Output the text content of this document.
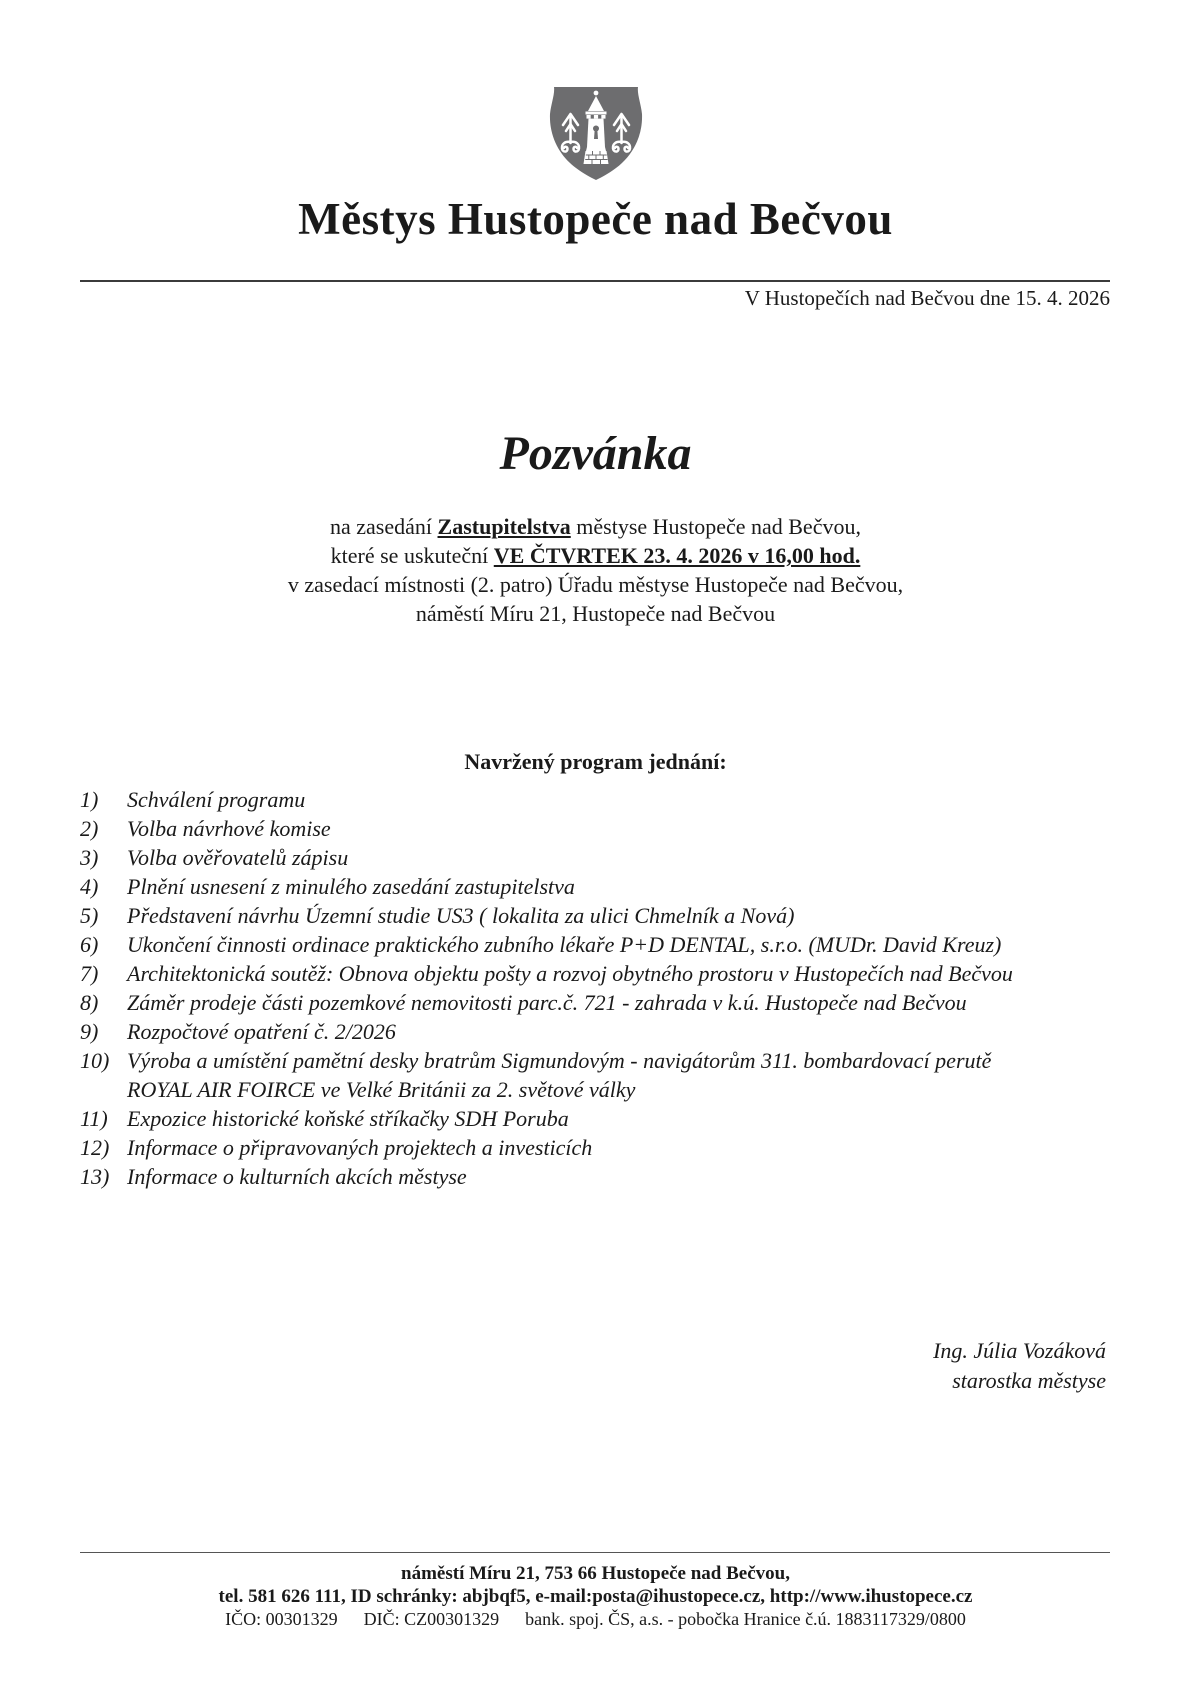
Městys Hustopeče nad Bečvou
V Hustopečích nad Bečvou dne 15. 4. 2026
Pozvánka
na zasedání Zastupitelstva městyse Hustopeče nad Bečvou,
které se uskuteční VE ČTVRTEK 23. 4. 2026 v 16,00 hod.
v zasedací místnosti (2. patro) Úřadu městyse Hustopeče nad Bečvou,
náměstí Míru 21, Hustopeče nad Bečvou
Navržený program jednání:
1) Schválení programu
2) Volba návrhové komise
3) Volba ověřovatelů zápisu
4) Plnění usnesení z minulého zasedání zastupitelstva
5) Představení návrhu Územní studie US3 ( lokalita za ulici Chmelník a Nová)
6) Ukončení činnosti ordinace praktického zubního lékaře P+D DENTAL, s.r.o. (MUDr. David Kreuz)
7) Architektonická soutěž: Obnova objektu pošty a rozvoj obytného prostoru v Hustopečích nad Bečvou
8) Záměr prodeje části pozemkové nemovitosti parc.č. 721 - zahrada v k.ú. Hustopeče nad Bečvou
9) Rozpočtové opatření č. 2/2026
10) Výroba a umístění pamětní desky bratrům Sigmundovým - navigátorům 311. bombardovací perutě ROYAL AIR FOIRCE ve Velké Británii za 2. světové války
11) Expozice historické koňské stříkačky SDH Poruba
12) Informace o připravovaných projektech a investicích
13) Informace o kulturních akcích městyse
Ing. Júlia Vozáková
starostka městyse
náměstí Míru 21, 753 66 Hustopeče nad Bečvou,
tel. 581 626 111, ID schránky: abjbqf5, e-mail:posta@ihustopece.cz, http://www.ihustopece.cz
IČO: 00301329 DIČ: CZ00301329 bank. spoj. ČS, a.s. - pobočka Hranice č.ú. 1883117329/0800
